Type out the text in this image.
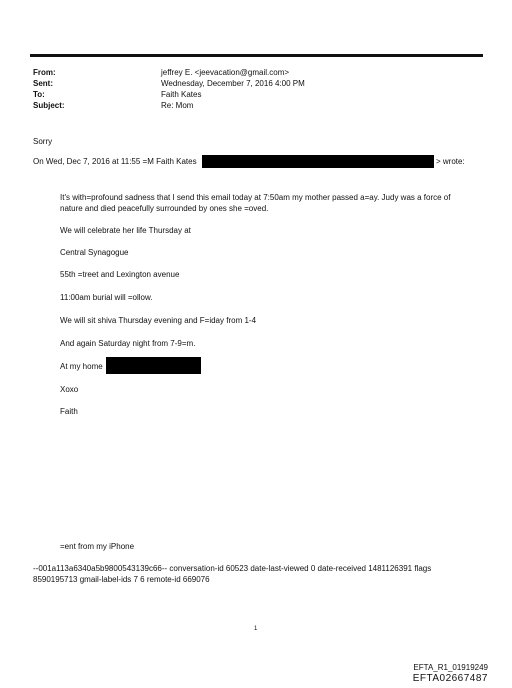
From:	jeffrey E. <jeevacation@gmail.com>
Sent:	Wednesday, December 7, 2016 4:00 PM
To:	Faith Kates
Subject:	Re: Mom
Sorry
On Wed, Dec 7, 2016 at 11:55 =M Faith Kates	> wrote:
It's with=profound sadness that I send this email today at 7:50am my mother passed a=ay. Judy was a force of
nature and died peacefully surrounded by ones she =oved.
We will celebrate her life Thursday at
Central Synagogue
55th =treet and Lexington avenue
11:00am burial will =ollow.
We will sit shiva Thursday evening and F=iday from 1-4
And again Saturday night from 7-9=m.
At my home
Xoxo
Faith
=ent from my iPhone
--001a113a6340a5b9800543139c66-- conversation-id 60523 date-last-viewed 0 date-received 1481126391 flags
8590195713 gmail-label-ids 7 6 remote-id 669076
1
EFTA_R1_01919249
EFTA02667487
